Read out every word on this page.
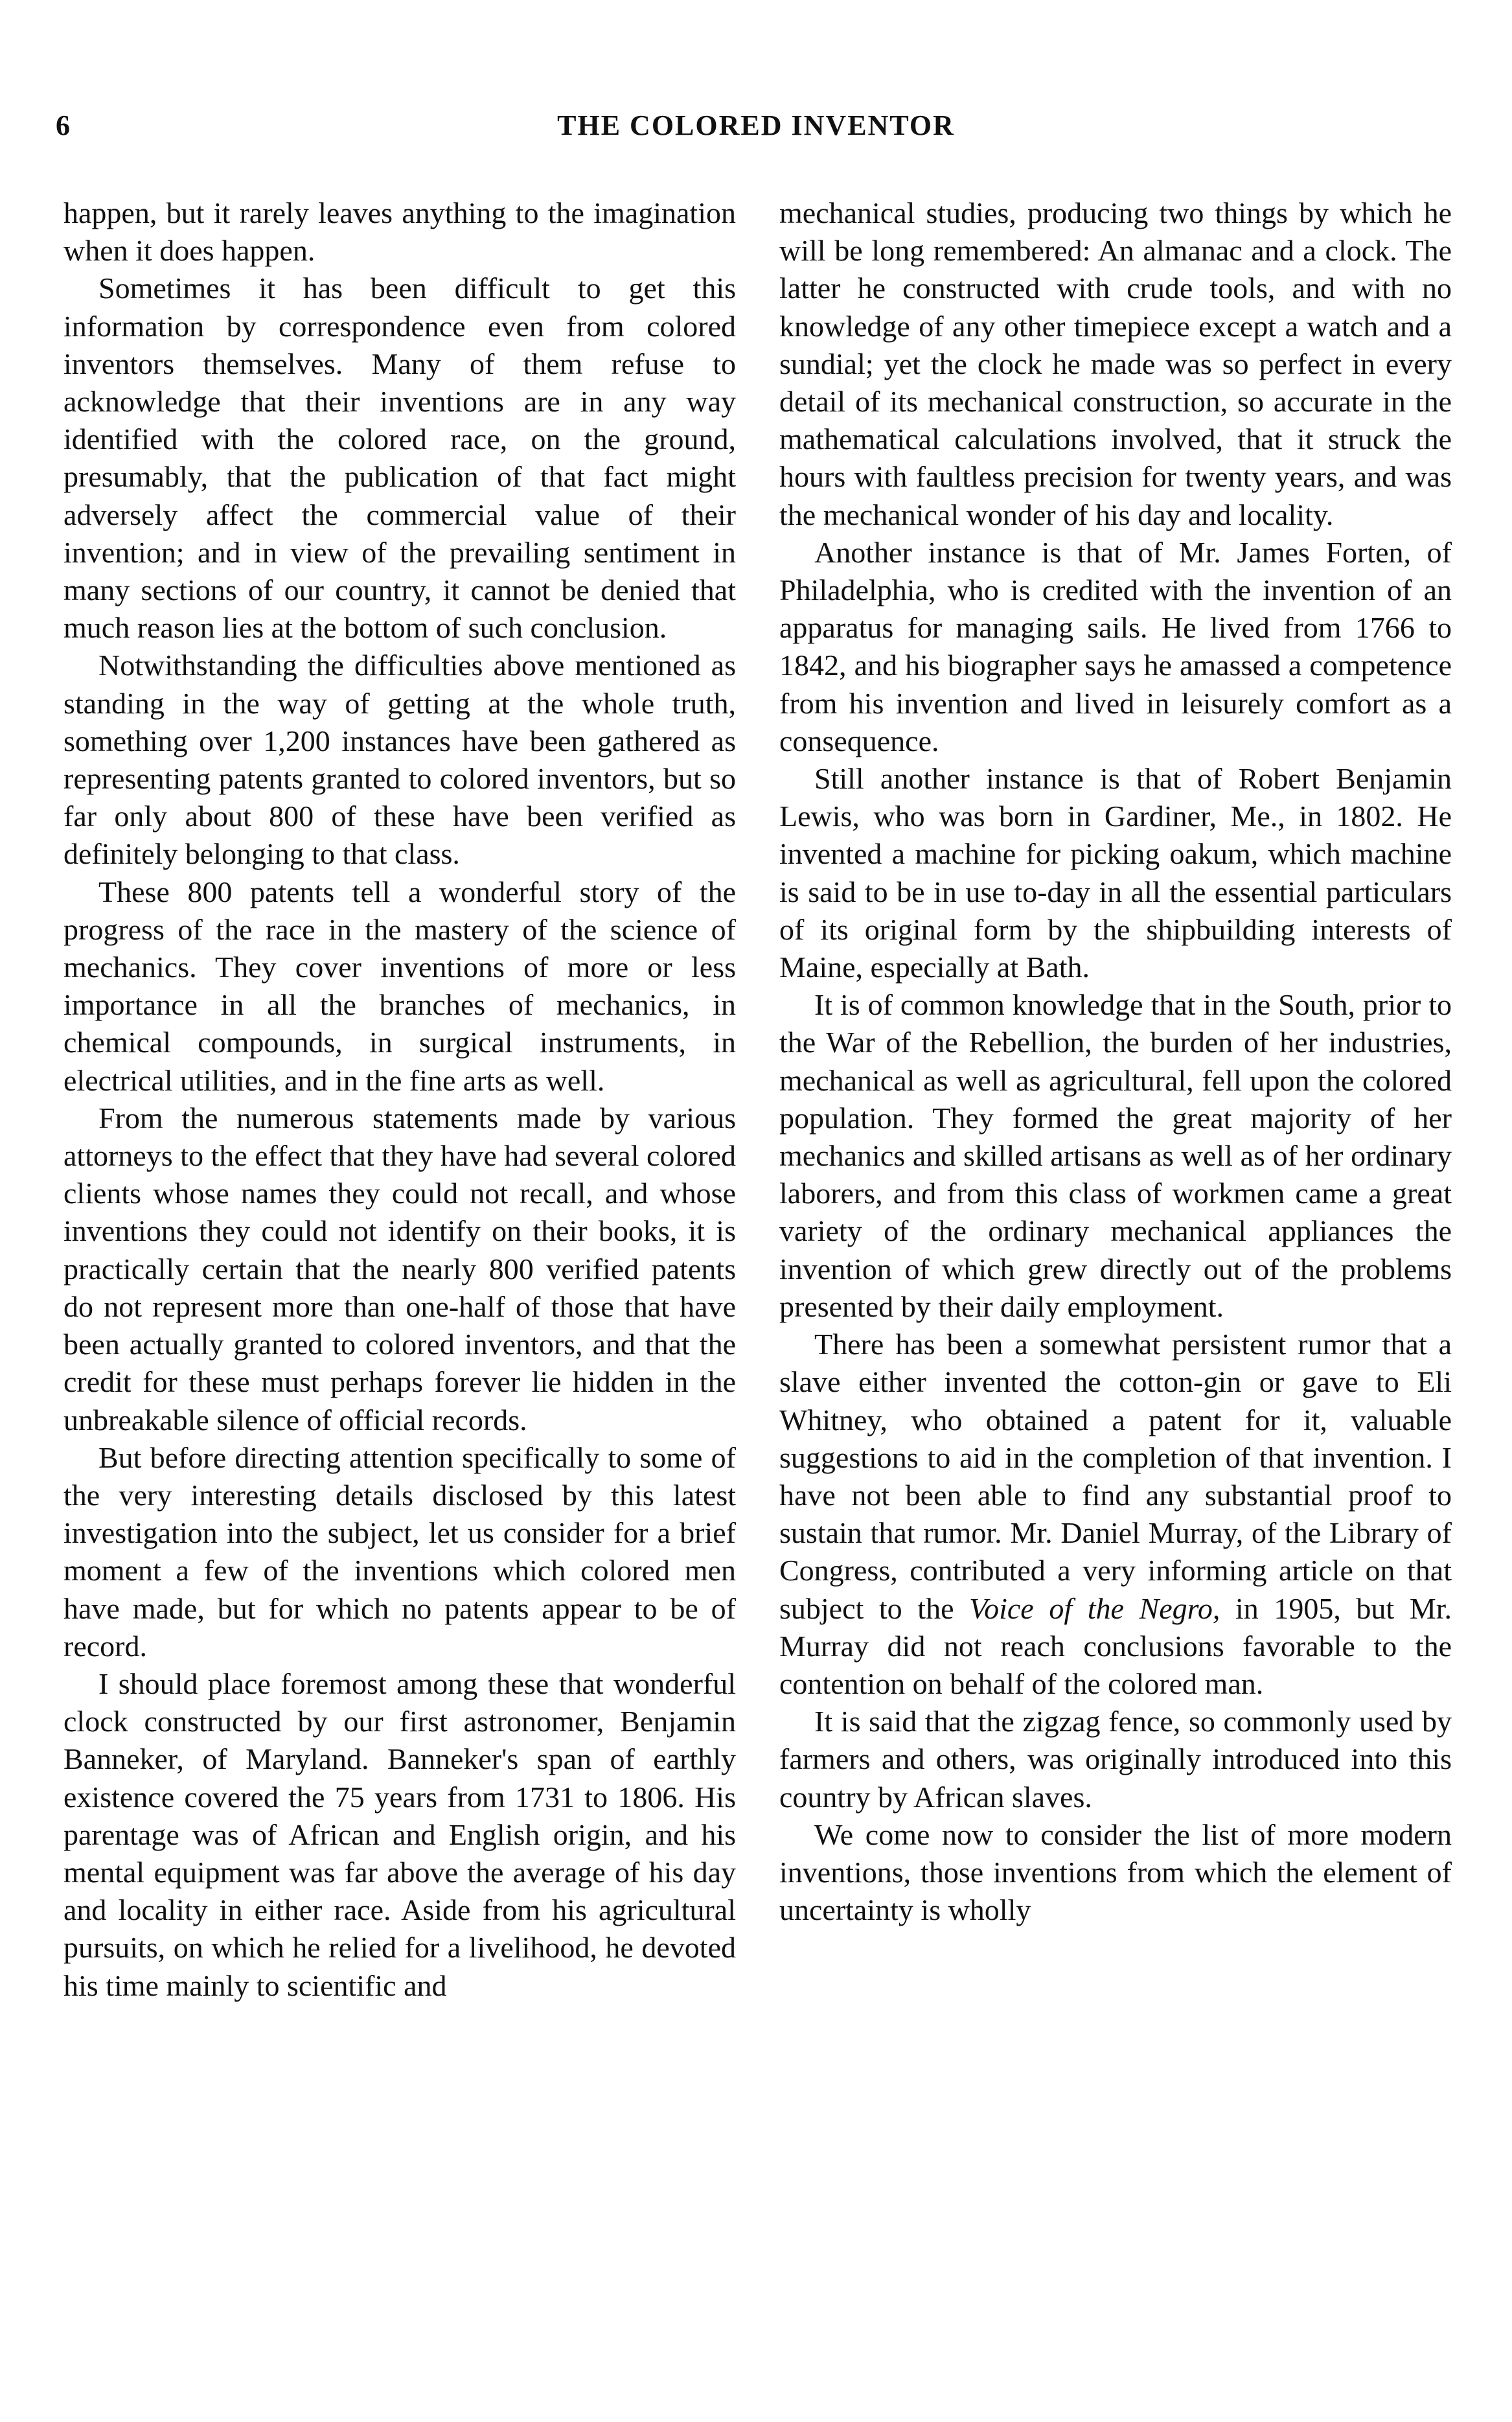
6	THE COLORED INVENTOR

happen, but it rarely leaves anything to the imagination when it does happen.

Sometimes it has been difficult to get this information by correspondence even from colored inventors themselves. Many of them refuse to acknowledge that their inventions are in any way identified with the colored race, on the ground, presumably, that the publication of that fact might adversely affect the commercial value of their invention; and in view of the prevailing sentiment in many sections of our country, it cannot be denied that much reason lies at the bottom of such conclusion.

Notwithstanding the difficulties above mentioned as standing in the way of getting at the whole truth, something over 1,200 instances have been gathered as representing patents granted to colored inventors, but so far only about 800 of these have been verified as definitely belonging to that class.

These 800 patents tell a wonderful story of the progress of the race in the mastery of the science of mechanics. They cover inventions of more or less importance in all the branches of mechanics, in chemical compounds, in surgical instruments, in electrical utilities, and in the fine arts as well.

From the numerous statements made by various attorneys to the effect that they have had several colored clients whose names they could not recall, and whose inventions they could not identify on their books, it is practically certain that the nearly 800 verified patents do not represent more than one-half of those that have been actually granted to colored inventors, and that the credit for these must perhaps forever lie hidden in the unbreakable silence of official records.

But before directing attention specifically to some of the very interesting details disclosed by this latest investigation into the subject, let us consider for a brief moment a few of the inventions which colored men have made, but for which no patents appear to be of record.

I should place foremost among these that wonderful clock constructed by our first astronomer, Benjamin Banneker, of Maryland. Banneker's span of earthly existence covered the 75 years from 1731 to 1806. His parentage was of African and English origin, and his mental equipment was far above the average of his day and locality in either race. Aside from his agricultural pursuits, on which he relied for a livelihood, he devoted his time mainly to scientific and

mechanical studies, producing two things by which he will be long remembered: An almanac and a clock. The latter he constructed with crude tools, and with no knowledge of any other timepiece except a watch and a sundial; yet the clock he made was so perfect in every detail of its mechanical construction, so accurate in the mathematical calculations involved, that it struck the hours with faultless precision for twenty years, and was the mechanical wonder of his day and locality.

Another instance is that of Mr. James Forten, of Philadelphia, who is credited with the invention of an apparatus for managing sails. He lived from 1766 to 1842, and his biographer says he amassed a competence from his invention and lived in leisurely comfort as a consequence.

Still another instance is that of Robert Benjamin Lewis, who was born in Gardiner, Me., in 1802. He invented a machine for picking oakum, which machine is said to be in use to-day in all the essential particulars of its original form by the shipbuilding interests of Maine, especially at Bath.

It is of common knowledge that in the South, prior to the War of the Rebellion, the burden of her industries, mechanical as well as agricultural, fell upon the colored population. They formed the great majority of her mechanics and skilled artisans as well as of her ordinary laborers, and from this class of workmen came a great variety of the ordinary mechanical appliances the invention of which grew directly out of the problems presented by their daily employment.

There has been a somewhat persistent rumor that a slave either invented the cotton-gin or gave to Eli Whitney, who obtained a patent for it, valuable suggestions to aid in the completion of that invention. I have not been able to find any substantial proof to sustain that rumor. Mr. Daniel Murray, of the Library of Congress, contributed a very informing article on that subject to the Voice of the Negro, in 1905, but Mr. Murray did not reach conclusions favorable to the contention on behalf of the colored man.

It is said that the zigzag fence, so commonly used by farmers and others, was originally introduced into this country by African slaves.

We come now to consider the list of more modern inventions, those inventions from which the element of uncertainty is wholly
